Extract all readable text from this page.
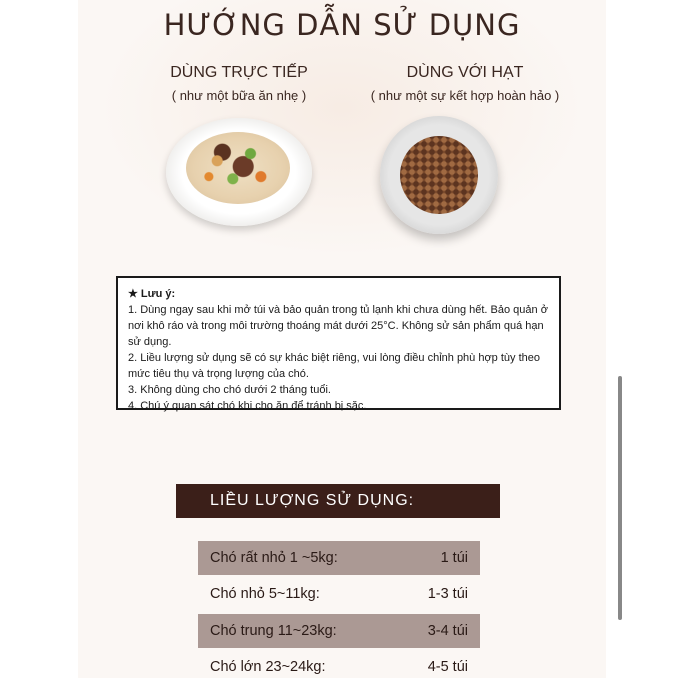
HƯỚNG DẪN SỬ DỤNG
DÙNG TRỰC TIẾP
( như một bữa ăn nhẹ )
DÙNG VỚI HẠT
( như một sự kết hợp hoàn hảo )

★ Lưu ý:

1. Dùng ngay sau khi mở túi và bảo quản trong tủ lạnh khi chưa dùng hết. Bảo quản ở nơi khô ráo và trong môi trường thoáng mát dưới 25°C. Không sử sản phẩm quá hạn sử dụng.

2. Liều lượng sử dụng sẽ có sự khác biệt riêng, vui lòng điều chỉnh phù hợp tùy theo mức tiêu thụ và trọng lượng của chó.

3. Không dùng cho chó dưới 2 tháng tuổi.

4. Chú ý quan sát chó khi cho ăn để tránh bị sặc.

LIỀU LƯỢNG SỬ DỤNG:
Chó rất nhỏ 1 ~5kg:	1 túi
Chó nhỏ 5~11kg:	1-3 túi
Chó trung 11~23kg:	3-4 túi
Chó lớn 23~24kg:	4-5 túi
